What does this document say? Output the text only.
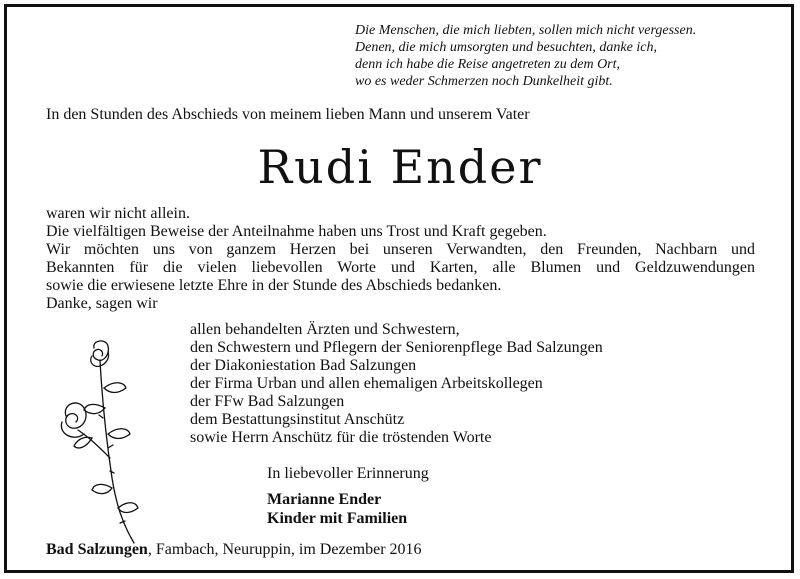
Die Menschen, die mich liebten, sollen mich nicht vergessen.
Denen, die mich umsorgten und besuchten, danke ich,
denn ich habe die Reise angetreten zu dem Ort,
wo es weder Schmerzen noch Dunkelheit gibt.
In den Stunden des Abschieds von meinem lieben Mann und unserem Vater
Rudi Ender
waren wir nicht allein.
Die vielfältigen Beweise der Anteilnahme haben uns Trost und Kraft gegeben.
Wir möchten uns von ganzem Herzen bei unseren Verwandten, den Freunden, Nachbarn und
Bekannten für die vielen liebevollen Worte und Karten, alle Blumen und Geldzuwendungen
sowie die erwiesene letzte Ehre in der Stunde des Abschieds bedanken.
Danke, sagen wir
allen behandelten Ärzten und Schwestern,
den Schwestern und Pflegern der Seniorenpflege Bad Salzungen
der Diakoniestation Bad Salzungen
der Firma Urban und allen ehemaligen Arbeitskollegen
der FFw Bad Salzungen
dem Bestattungsinstitut Anschütz
sowie Herrn Anschütz für die tröstenden Worte
In liebevoller Erinnerung
Marianne Ender
Kinder mit Familien
Bad Salzungen, Fambach, Neuruppin, im Dezember 2016
